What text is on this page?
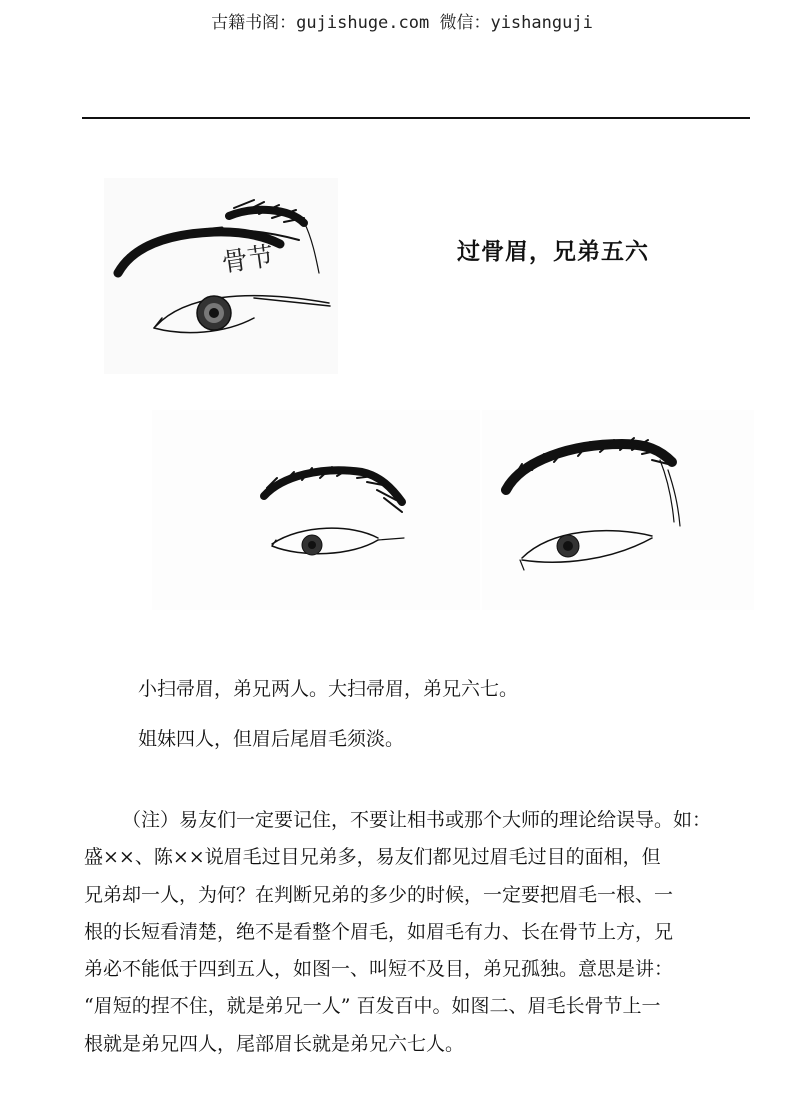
古籍书阁：gujishuge.com 微信：yishanguji
骨节	过骨眉，兄弟五六
小扫帚眉，弟兄两人。大扫帚眉，弟兄六七。
姐妹四人，但眉后尾眉毛须淡。
（注）易友们一定要记住，不要让相书或那个大师的理论给误导。如：
盛××、陈××说眉毛过目兄弟多，易友们都见过眉毛过目的面相，但
兄弟却一人，为何？在判断兄弟的多少的时候，一定要把眉毛一根、一
根的长短看清楚，绝不是看整个眉毛，如眉毛有力、长在骨节上方，兄
弟必不能低于四到五人，如图一、叫短不及目，弟兄孤独。意思是讲：
“眉短的捏不住，就是弟兄一人” 百发百中。如图二、眉毛长骨节上一
根就是弟兄四人，尾部眉长就是弟兄六七人。
